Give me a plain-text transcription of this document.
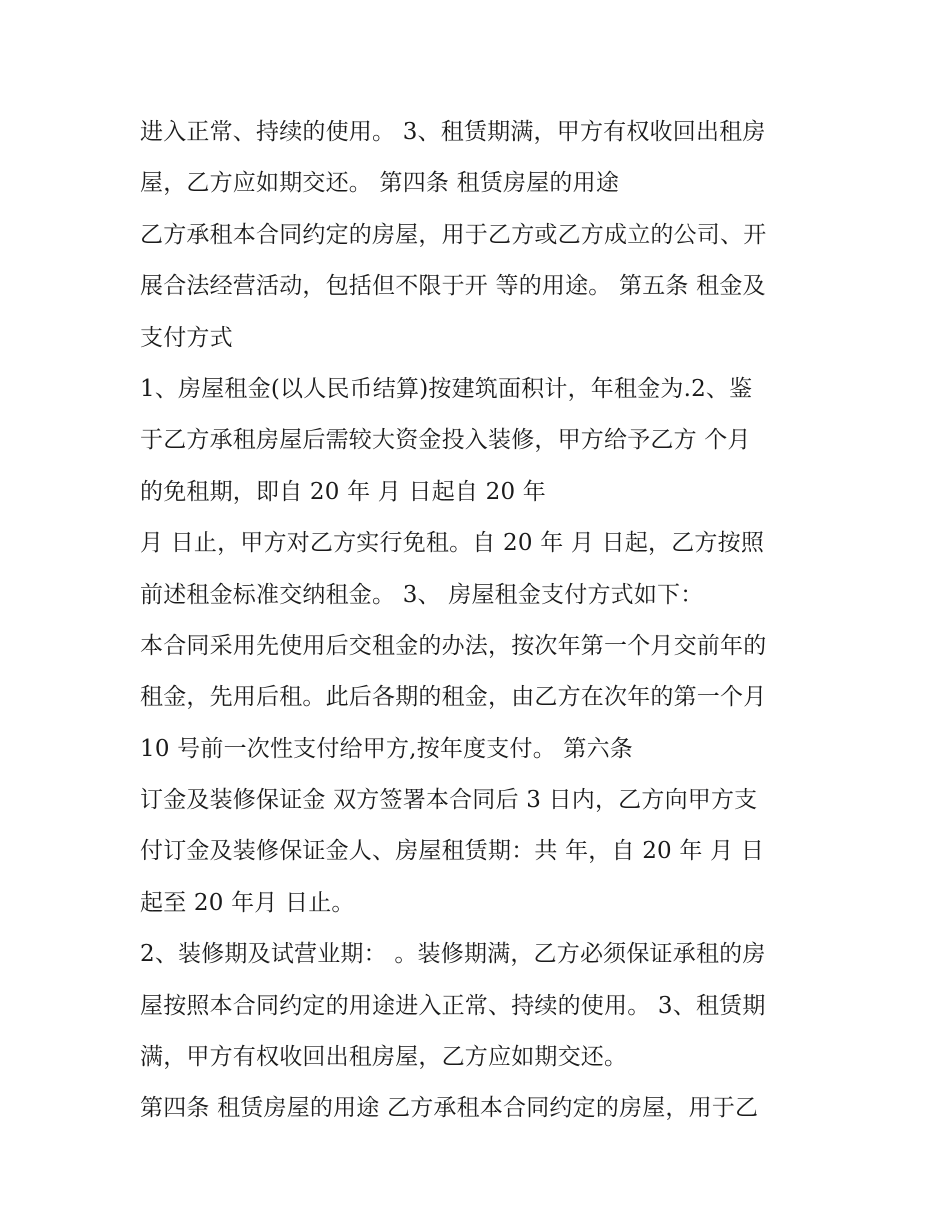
进入正常、持续的使用。 3、租赁期满，甲方有权收回出租房
屋，乙方应如期交还。 第四条 租赁房屋的用途
乙方承租本合同约定的房屋，用于乙方或乙方成立的公司、开
展合法经营活动，包括但不限于开 等的用途。 第五条 租金及
支付方式
1、房屋租金(以人民币结算)按建筑面积计，年租金为.2、鉴
于乙方承租房屋后需较大资金投入装修，甲方给予乙方 个月
的免租期，即自 20 年 月 日起自 20 年
月 日止，甲方对乙方实行免租。自 20 年 月 日起，乙方按照
前述租金标准交纳租金。 3、 房屋租金支付方式如下：
本合同采用先使用后交租金的办法，按次年第一个月交前年的
租金，先用后租。此后各期的租金，由乙方在次年的第一个月
10 号前一次性支付给甲方,按年度支付。 第六条
订金及装修保证金 双方签署本合同后 3 日内，乙方向甲方支
付订金及装修保证金人、房屋租赁期：共 年，自 20 年 月 日
起至 20 年月 日止。
2、装修期及试营业期： 。装修期满，乙方必须保证承租的房
屋按照本合同约定的用途进入正常、持续的使用。 3、租赁期
满，甲方有权收回出租房屋，乙方应如期交还。
第四条 租赁房屋的用途 乙方承租本合同约定的房屋，用于乙
